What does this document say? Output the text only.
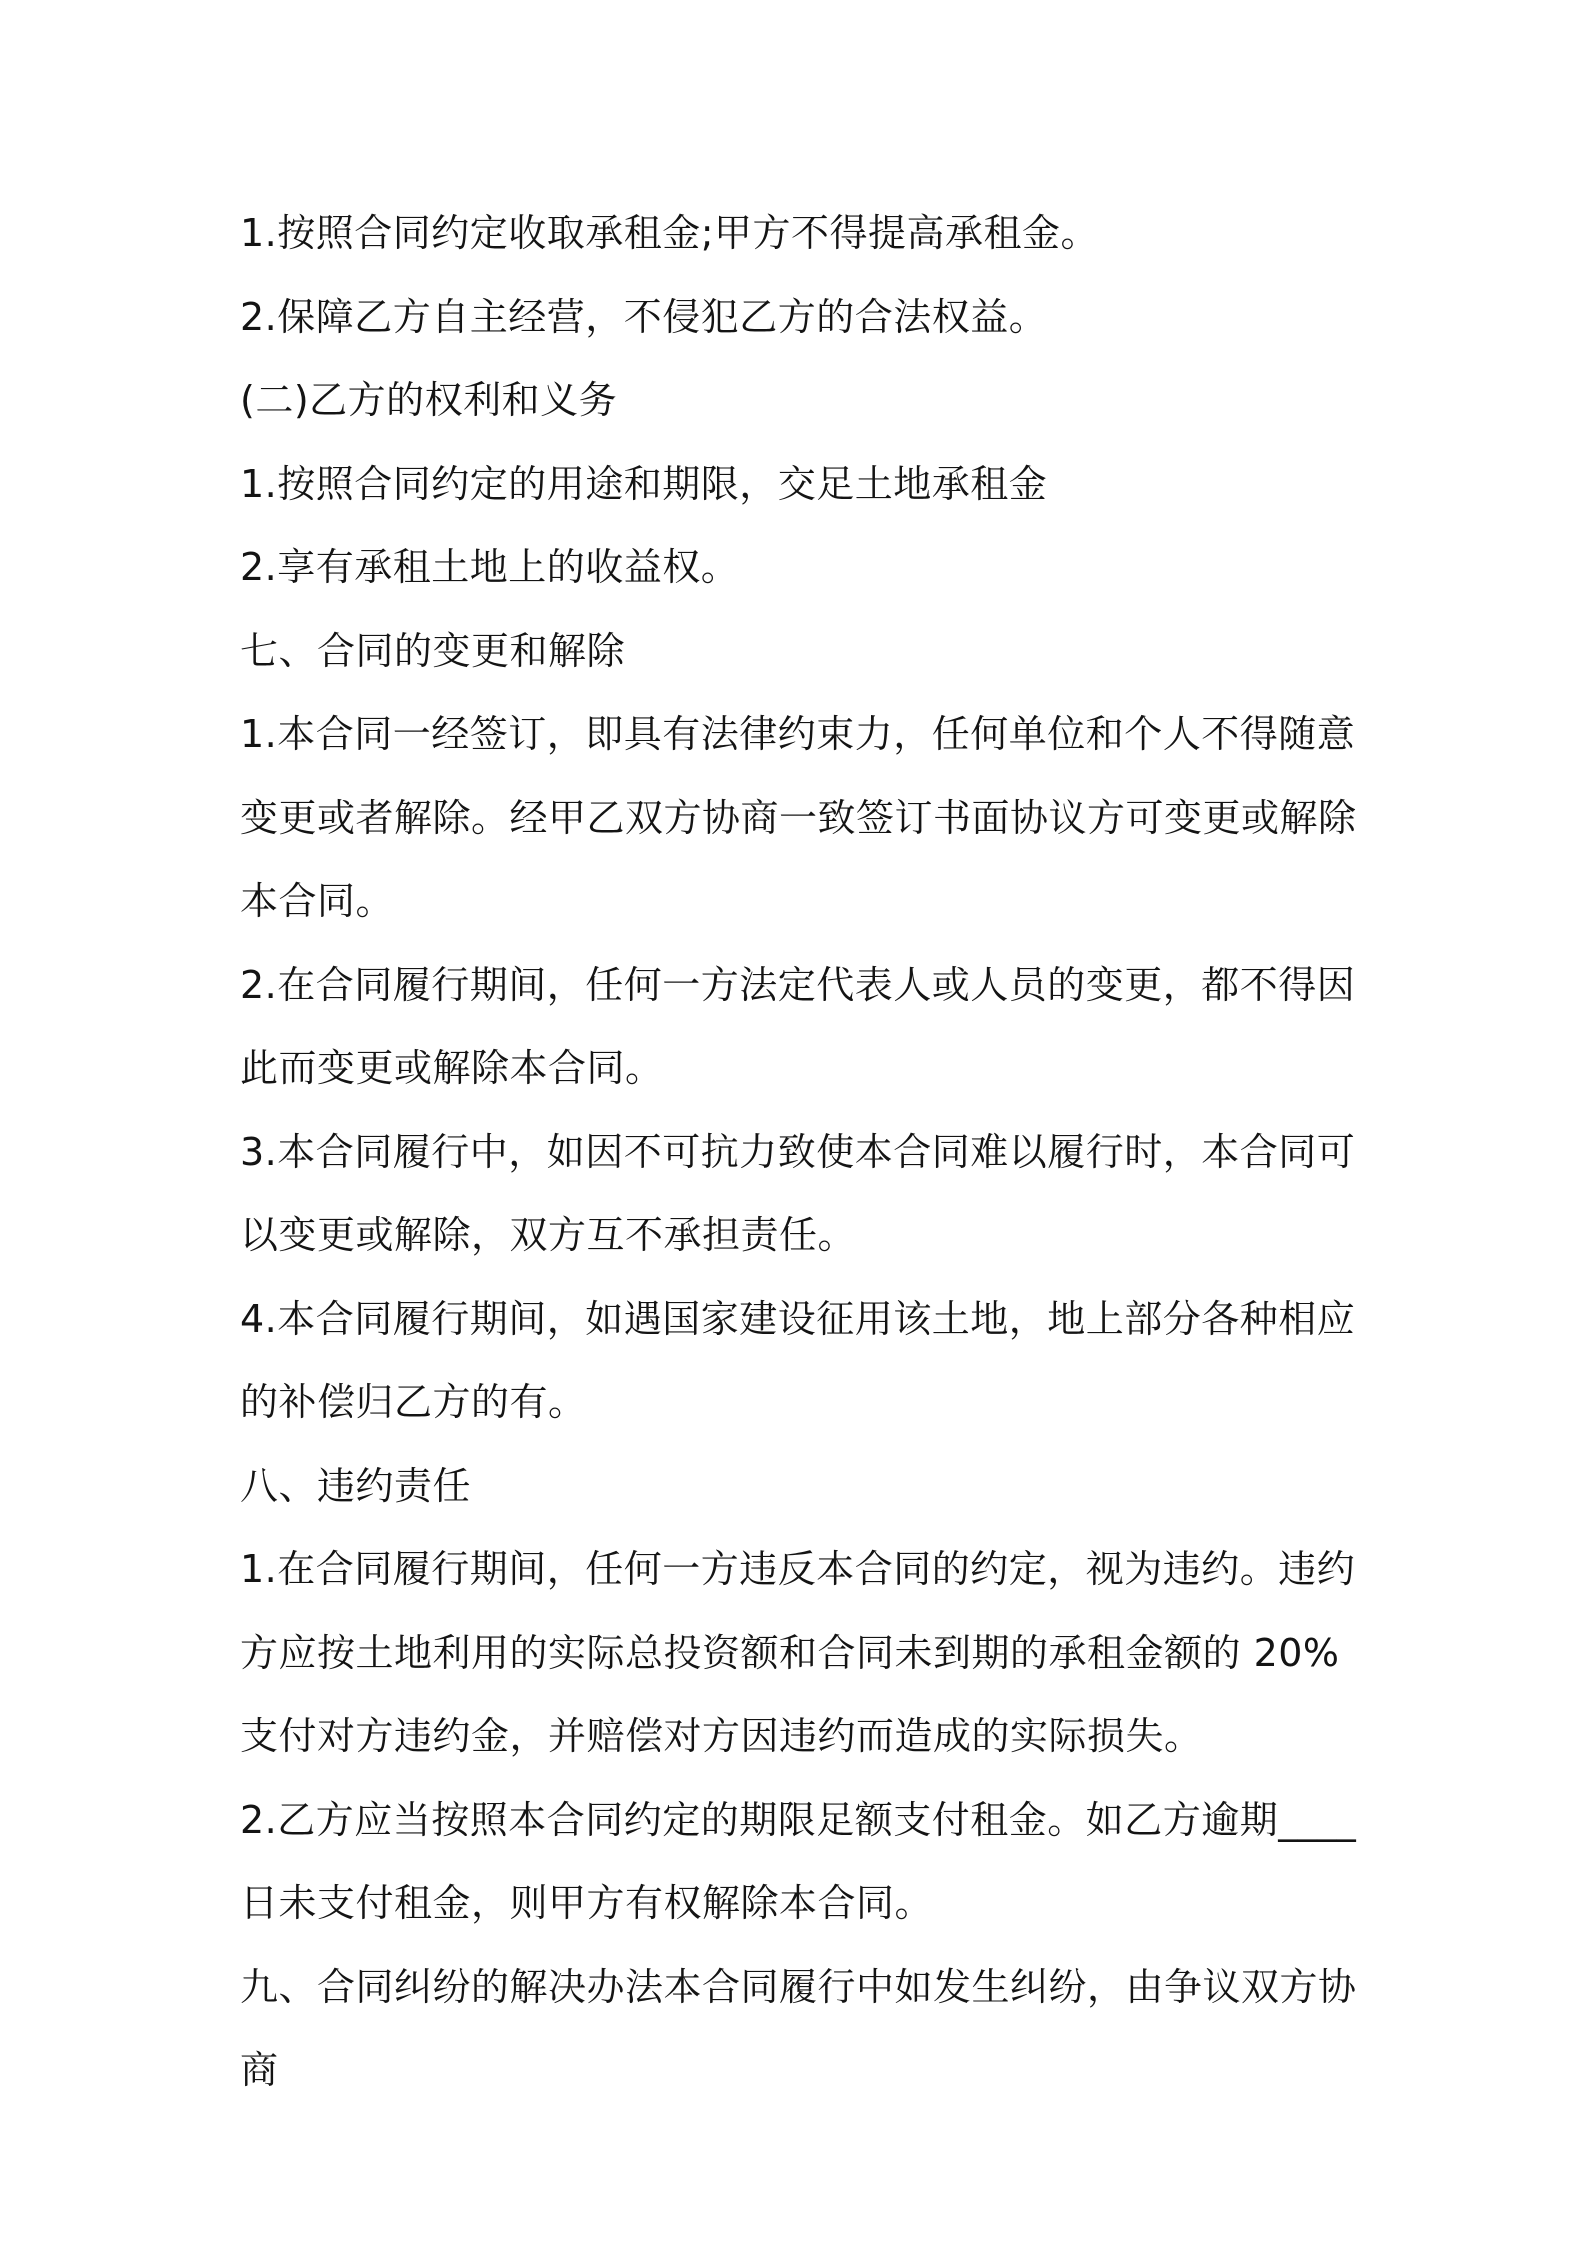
1.按照合同约定收取承租金;甲方不得提高承租金。

2.保障乙方自主经营，不侵犯乙方的合法权益。

(二)乙方的权利和义务

1.按照合同约定的用途和期限，交足土地承租金

2.享有承租土地上的收益权。

七、合同的变更和解除

1.本合同一经签订，即具有法律约束力，任何单位和个人不得随意变更或者解除。经甲乙双方协商一致签订书面协议方可变更或解除本合同。

2.在合同履行期间，任何一方法定代表人或人员的变更，都不得因此而变更或解除本合同。

3.本合同履行中，如因不可抗力致使本合同难以履行时，本合同可以变更或解除，双方互不承担责任。

4.本合同履行期间，如遇国家建设征用该土地，地上部分各种相应的补偿归乙方的有。

八、违约责任

1.在合同履行期间，任何一方违反本合同的约定，视为违约。违约方应按土地利用的实际总投资额和合同未到期的承租金额的 20%支付对方违约金，并赔偿对方因违约而造成的实际损失。

2.乙方应当按照本合同约定的期限足额支付租金。如乙方逾期____日未支付租金，则甲方有权解除本合同。

九、合同纠纷的解决办法本合同履行中如发生纠纷，由争议双方协商
